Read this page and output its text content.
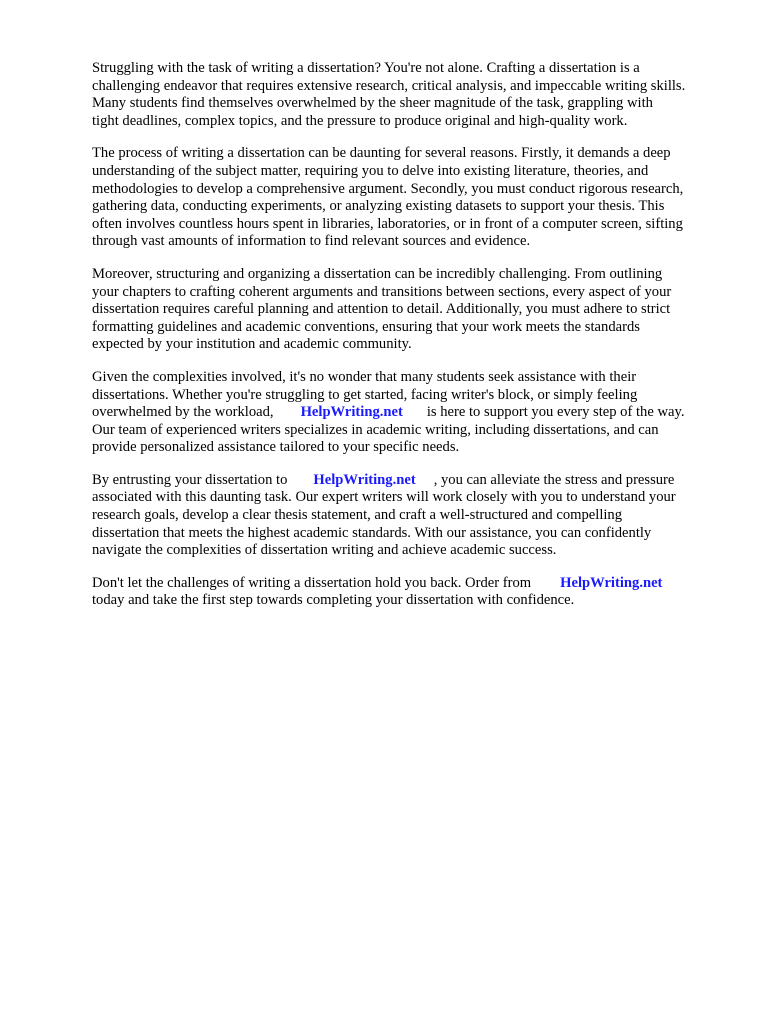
Struggling with the task of writing a dissertation? You're not alone. Crafting a dissertation is a
challenging endeavor that requires extensive research, critical analysis, and impeccable writing skills.
Many students find themselves overwhelmed by the sheer magnitude of the task, grappling with
tight deadlines, complex topics, and the pressure to produce original and high-quality work.

The process of writing a dissertation can be daunting for several reasons. Firstly, it demands a deep
understanding of the subject matter, requiring you to delve into existing literature, theories, and
methodologies to develop a comprehensive argument. Secondly, you must conduct rigorous research,
gathering data, conducting experiments, or analyzing existing datasets to support your thesis. This
often involves countless hours spent in libraries, laboratories, or in front of a computer screen, sifting
through vast amounts of information to find relevant sources and evidence.

Moreover, structuring and organizing a dissertation can be incredibly challenging. From outlining
your chapters to crafting coherent arguments and transitions between sections, every aspect of your
dissertation requires careful planning and attention to detail. Additionally, you must adhere to strict
formatting guidelines and academic conventions, ensuring that your work meets the standards
expected by your institution and academic community.

Given the complexities involved, it's no wonder that many students seek assistance with their
dissertations. Whether you're struggling to get started, facing writer's block, or simply feeling
overwhelmed by the workload, HelpWriting.net is here to support you every step of the way.
Our team of experienced writers specializes in academic writing, including dissertations, and can
provide personalized assistance tailored to your specific needs.

By entrusting your dissertation to HelpWriting.net , you can alleviate the stress and pressure
associated with this daunting task. Our expert writers will work closely with you to understand your
research goals, develop a clear thesis statement, and craft a well-structured and compelling
dissertation that meets the highest academic standards. With our assistance, you can confidently
navigate the complexities of dissertation writing and achieve academic success.

Don't let the challenges of writing a dissertation hold you back. Order from HelpWriting.net
today and take the first step towards completing your dissertation with confidence.
